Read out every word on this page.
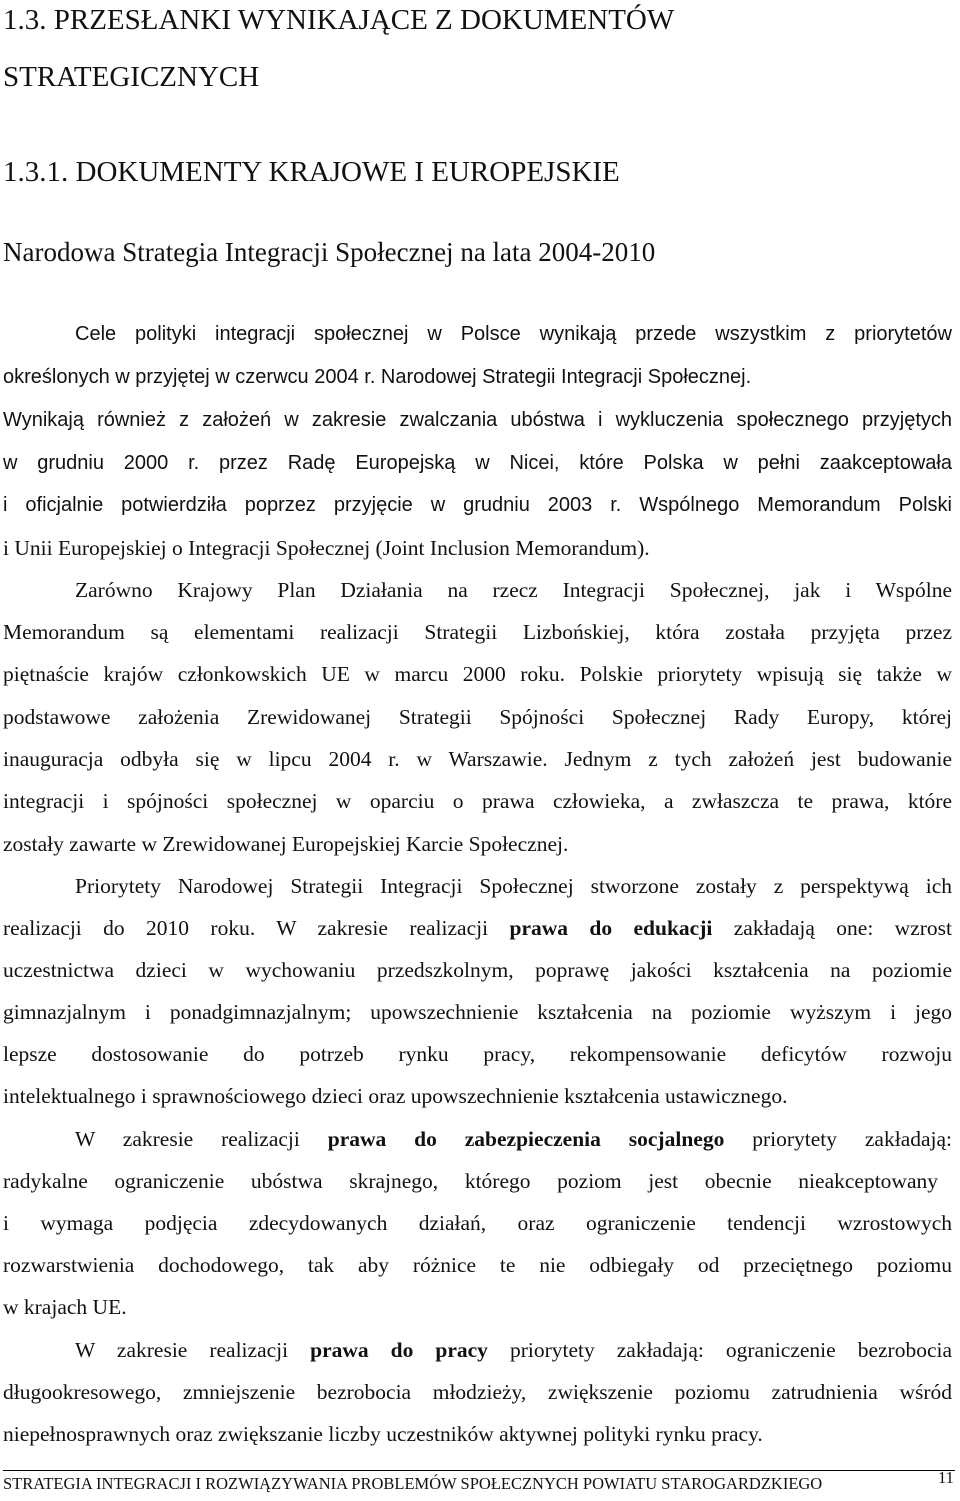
1.3. PRZESŁANKI WYNIKAJĄCE Z DOKUMENTÓW
STRATEGICZNYCH
1.3.1. DOKUMENTY KRAJOWE I EUROPEJSKIE
Narodowa Strategia Integracji Społecznej na lata 2004-2010
Cele polityki integracji społecznej w Polsce wynikają przede wszystkim z priorytetów
określonych w przyjętej w czerwcu 2004 r. Narodowej Strategii Integracji Społecznej.
Wynikają również z założeń w zakresie zwalczania ubóstwa i wykluczenia społecznego przyjętych
w grudniu 2000 r. przez Radę Europejską w Nicei, które Polska w pełni zaakceptowała
i oficjalnie potwierdziła poprzez przyjęcie w grudniu 2003 r. Wspólnego Memorandum Polski
i Unii Europejskiej o Integracji Społecznej (Joint Inclusion Memorandum).
Zarówno Krajowy Plan Działania na rzecz Integracji Społecznej, jak i Wspólne
Memorandum są elementami realizacji Strategii Lizbońskiej, która została przyjęta przez
piętnaście krajów członkowskich UE w marcu 2000 roku. Polskie priorytety wpisują się także w
podstawowe założenia Zrewidowanej Strategii Spójności Społecznej Rady Europy, której
inauguracja odbyła się w lipcu 2004 r. w Warszawie. Jednym z tych założeń jest budowanie
integracji i spójności społecznej w oparciu o prawa człowieka, a zwłaszcza te prawa, które
zostały zawarte w Zrewidowanej Europejskiej Karcie Społecznej.
Priorytety Narodowej Strategii Integracji Społecznej stworzone zostały z perspektywą ich
realizacji do 2010 roku. W zakresie realizacji prawa do edukacji zakładają one: wzrost
uczestnictwa dzieci w wychowaniu przedszkolnym, poprawę jakości kształcenia na poziomie
gimnazjalnym i ponadgimnazjalnym; upowszechnienie kształcenia na poziomie wyższym i jego
lepsze dostosowanie do potrzeb rynku pracy, rekompensowanie deficytów rozwoju
intelektualnego i sprawnościowego dzieci oraz upowszechnienie kształcenia ustawicznego.
W zakresie realizacji prawa do zabezpieczenia socjalnego priorytety zakładają:
radykalne ograniczenie ubóstwa skrajnego, którego poziom jest obecnie nieakceptowany
i wymaga podjęcia zdecydowanych działań, oraz ograniczenie tendencji wzrostowych
rozwarstwienia dochodowego, tak aby różnice te nie odbiegały od przeciętnego poziomu
w krajach UE.
W zakresie realizacji prawa do pracy priorytety zakładają: ograniczenie bezrobocia
długookresowego, zmniejszenie bezrobocia młodzieży, zwiększenie poziomu zatrudnienia wśród
niepełnosprawnych oraz zwiększanie liczby uczestników aktywnej polityki rynku pracy.
STRATEGIA INTEGRACJI I ROZWIĄZYWANIA PROBLEMÓW SPOŁECZNYCH POWIATU STAROGARDZKIEGO	11
